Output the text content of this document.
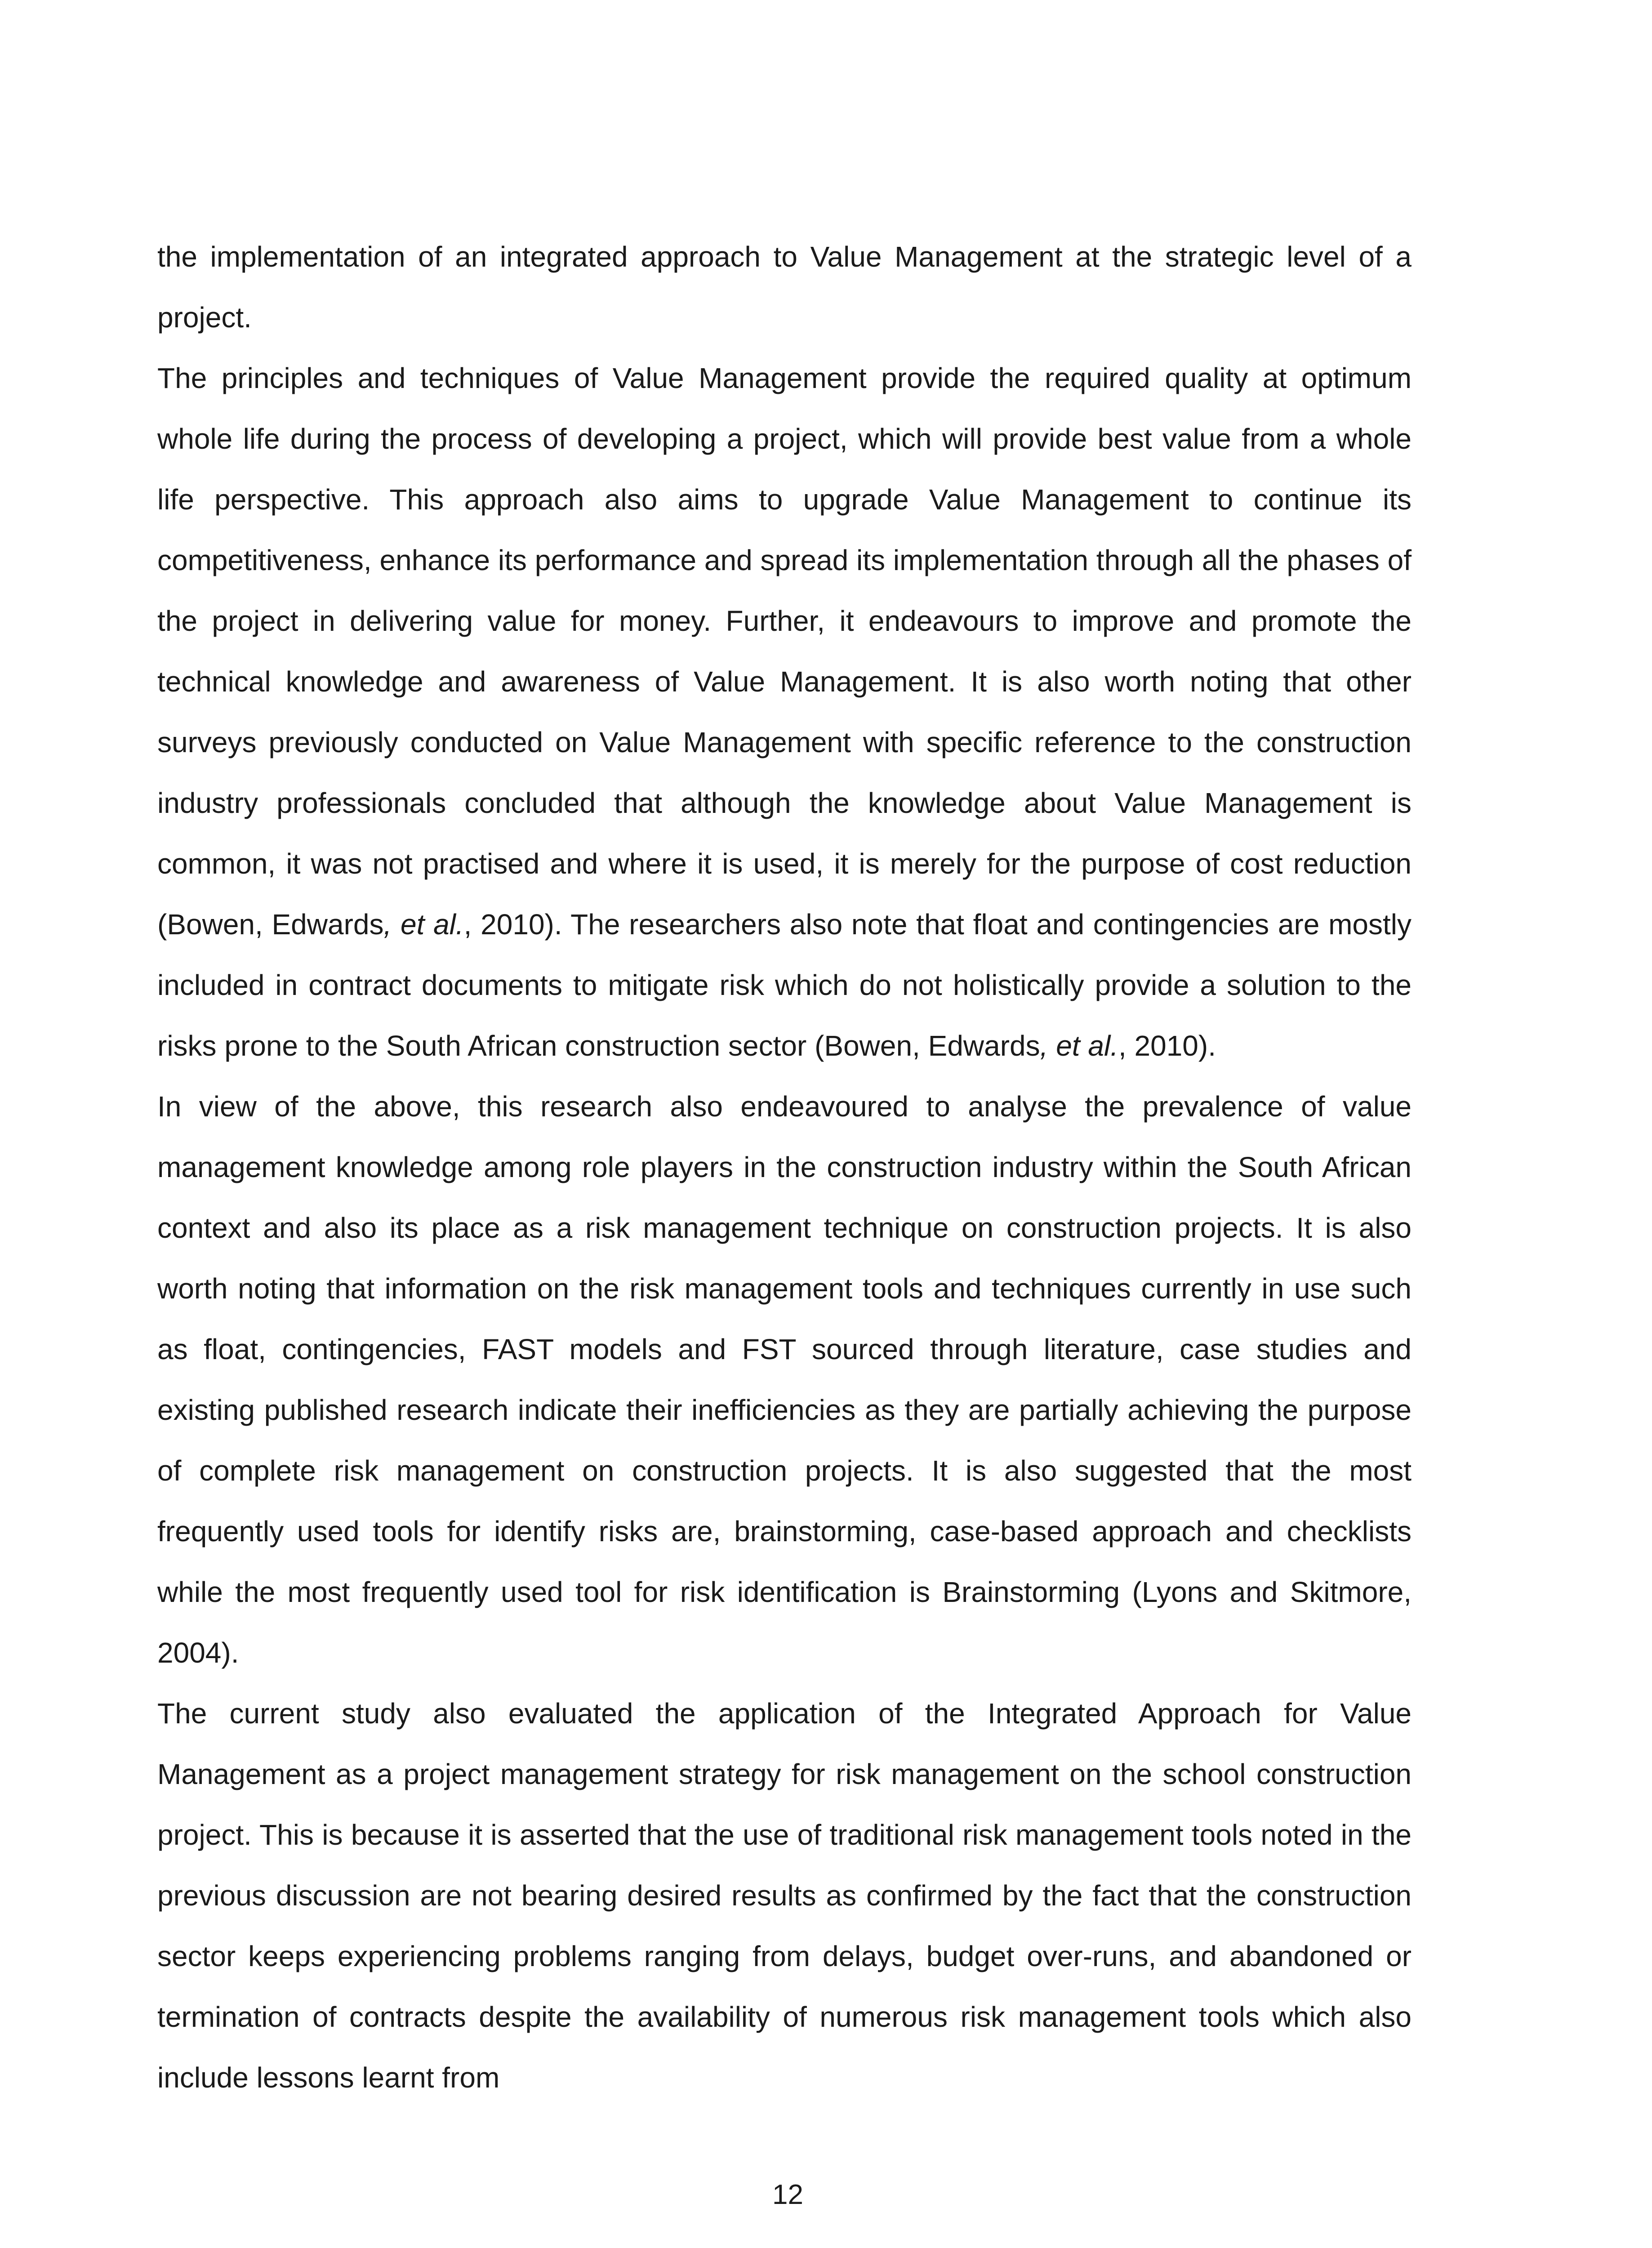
the implementation of an integrated approach to Value Management at the strategic level of a project.

The principles and techniques of Value Management provide the required quality at optimum whole life during the process of developing a project, which will provide best value from a whole life perspective. This approach also aims to upgrade Value Management to continue its competitiveness, enhance its performance and spread its implementation through all the phases of the project in delivering value for money. Further, it endeavours to improve and promote the technical knowledge and awareness of Value Management. It is also worth noting that other surveys previously conducted on Value Management with specific reference to the construction industry professionals concluded that although the knowledge about Value Management is common, it was not practised and where it is used, it is merely for the purpose of cost reduction (Bowen, Edwards, et al., 2010). The researchers also note that float and contingencies are mostly included in contract documents to mitigate risk which do not holistically provide a solution to the risks prone to the South African construction sector (Bowen, Edwards, et al., 2010).

In view of the above, this research also endeavoured to analyse the prevalence of value management knowledge among role players in the construction industry within the South African context and also its place as a risk management technique on construction projects. It is also worth noting that information on the risk management tools and techniques currently in use such as float, contingencies, FAST models and FST sourced through literature, case studies and existing published research indicate their inefficiencies as they are partially achieving the purpose of complete risk management on construction projects. It is also suggested that the most frequently used tools for identify risks are, brainstorming, case-based approach and checklists while the most frequently used tool for risk identification is Brainstorming (Lyons and Skitmore, 2004).

The current study also evaluated the application of the Integrated Approach for Value Management as a project management strategy for risk management on the school construction project. This is because it is asserted that the use of traditional risk management tools noted in the previous discussion are not bearing desired results as confirmed by the fact that the construction sector keeps experiencing problems ranging from delays, budget over-runs, and abandoned or termination of contracts despite the availability of numerous risk management tools which also include lessons learnt from

12
